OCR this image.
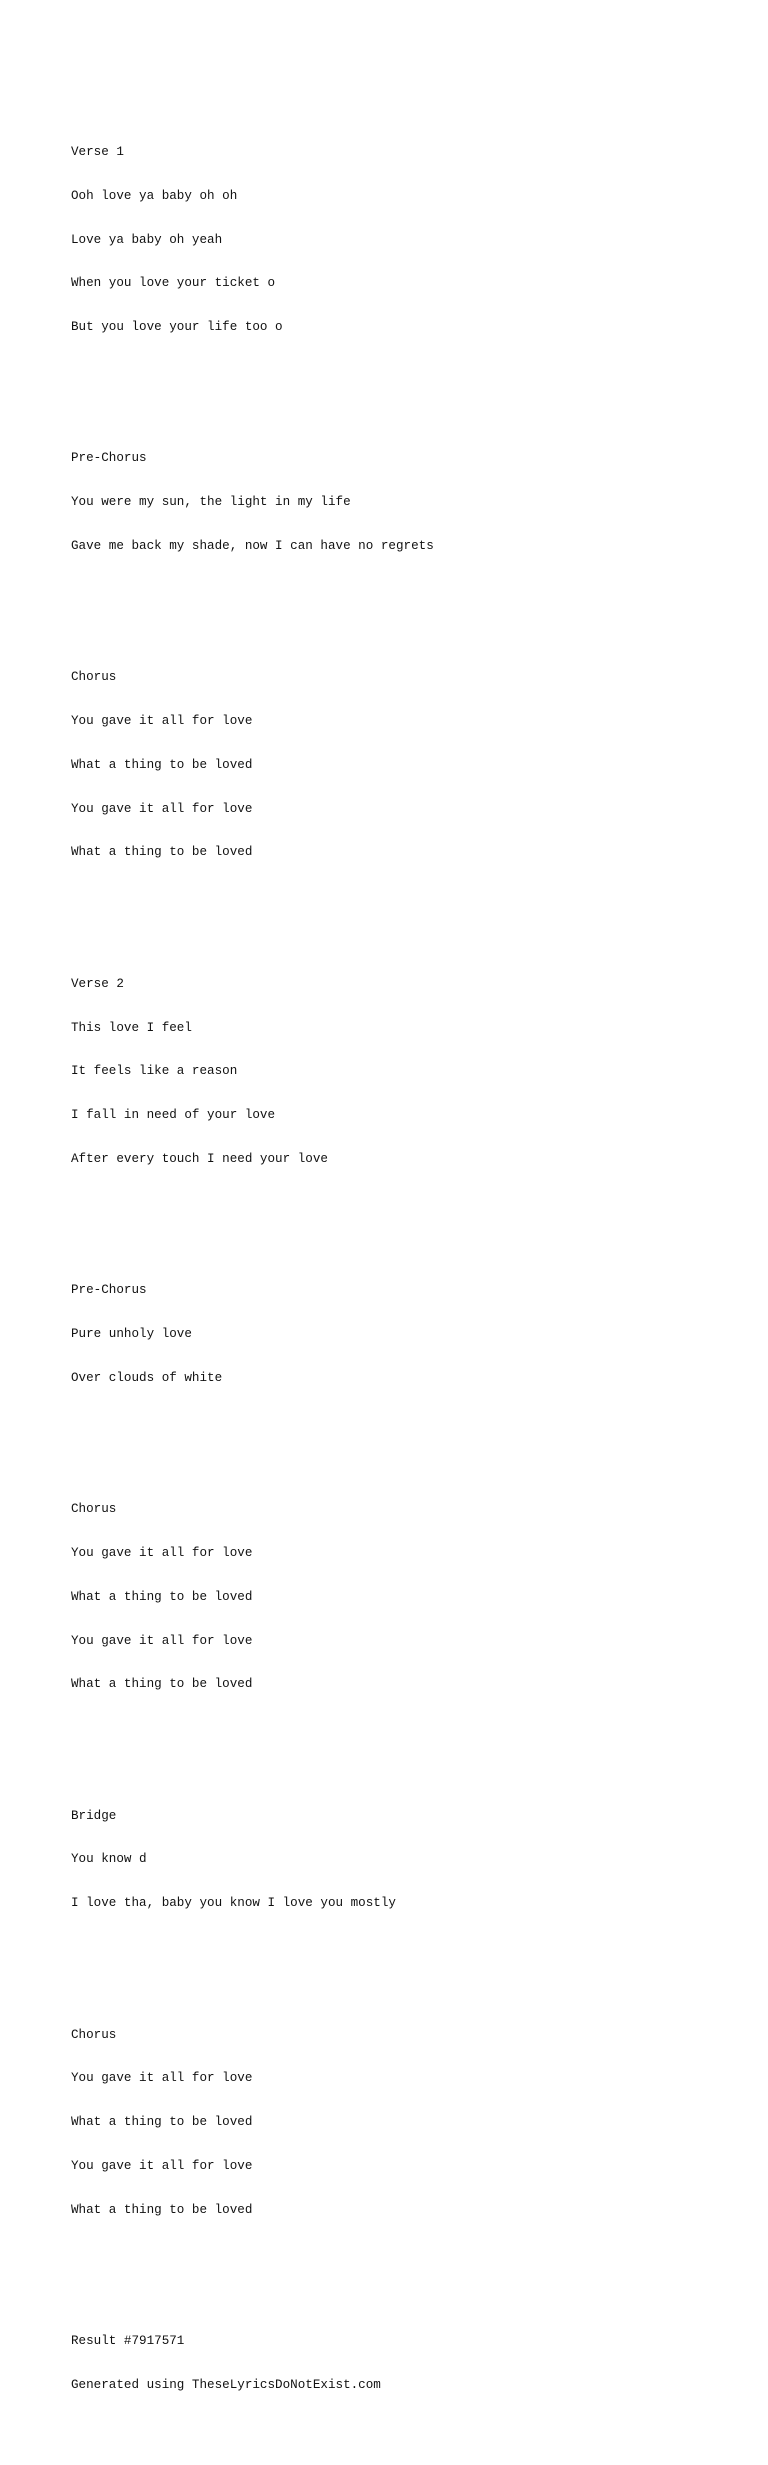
Verse 1

Ooh love ya baby oh oh

Love ya baby oh yeah

When you love your ticket o

But you love your life too o

Pre-Chorus

You were my sun, the light in my life

Gave me back my shade, now I can have no regrets

Chorus

You gave it all for love

What a thing to be loved

You gave it all for love

What a thing to be loved

Verse 2

This love I feel

It feels like a reason

I fall in need of your love

After every touch I need your love

Pre-Chorus

Pure unholy love

Over clouds of white

Chorus

You gave it all for love

What a thing to be loved

You gave it all for love

What a thing to be loved

Bridge

You know d

I love tha, baby you know I love you mostly

Chorus

You gave it all for love

What a thing to be loved

You gave it all for love

What a thing to be loved

Result #7917571

Generated using TheseLyricsDoNotExist.com
